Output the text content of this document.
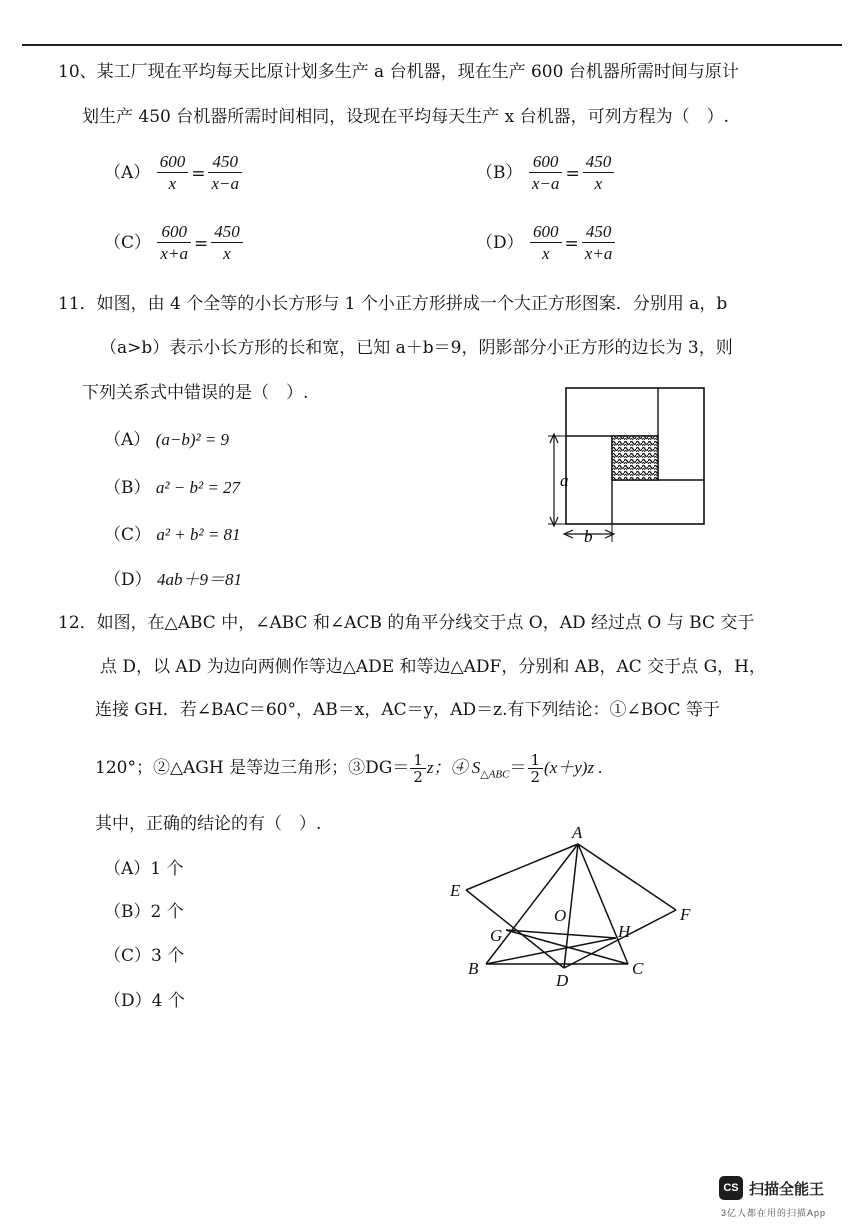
10、某工厂现在平均每天比原计划多生产 a 台机器，现在生产 600 台机器所需时间与原计
划生产 450 台机器所需时间相同，设现在平均每天生产 x 台机器，可列方程为（　）.
$(A) \frac{600}{x} = \frac{450}{x-a}$	$(B) \frac{600}{x-a} = \frac{450}{x}$
$(C) \frac{600}{x+a} = \frac{450}{x}$	$(D) \frac{600}{x} = \frac{450}{x+a}$
11．如图，由 4 个全等的小长方形与 1 个小正方形拼成一个大正方形图案．分别用 a，b
（a>b）表示小长方形的长和宽，已知 a＋b＝9，阴影部分小正方形的边长为 3，则
下列关系式中错误的是（　）.
（A） (a−b)² = 9
（B） a² − b² = 27
（C） a² + b² = 81
（D） 4ab＋9＝81
a
b
12．如图，在△ABC 中，∠ABC 和∠ACB 的角平分线交于点 O，AD 经过点 O 与 BC 交于
点 D，以 AD 为边向两侧作等边△ADE 和等边△ADF，分别和 AB，AC 交于点 G，H，
连接 GH．若∠BAC＝60°，AB＝x，AC＝y，AD＝z.有下列结论：①∠BOC 等于
120°；②△AGH 是等边三角形；③DG＝ $\frac{1}{2}$ z；④ $S_{\triangle ABC}= \frac{1}{2} (x+y)z$ .
其中，正确的结论的有（　）.
（A）1 个
（B）2 个
（C）3 个
（D）4 个
A
E
F
O
G	H
B	C
D
CS 扫描全能王
3亿人都在用的扫描App
